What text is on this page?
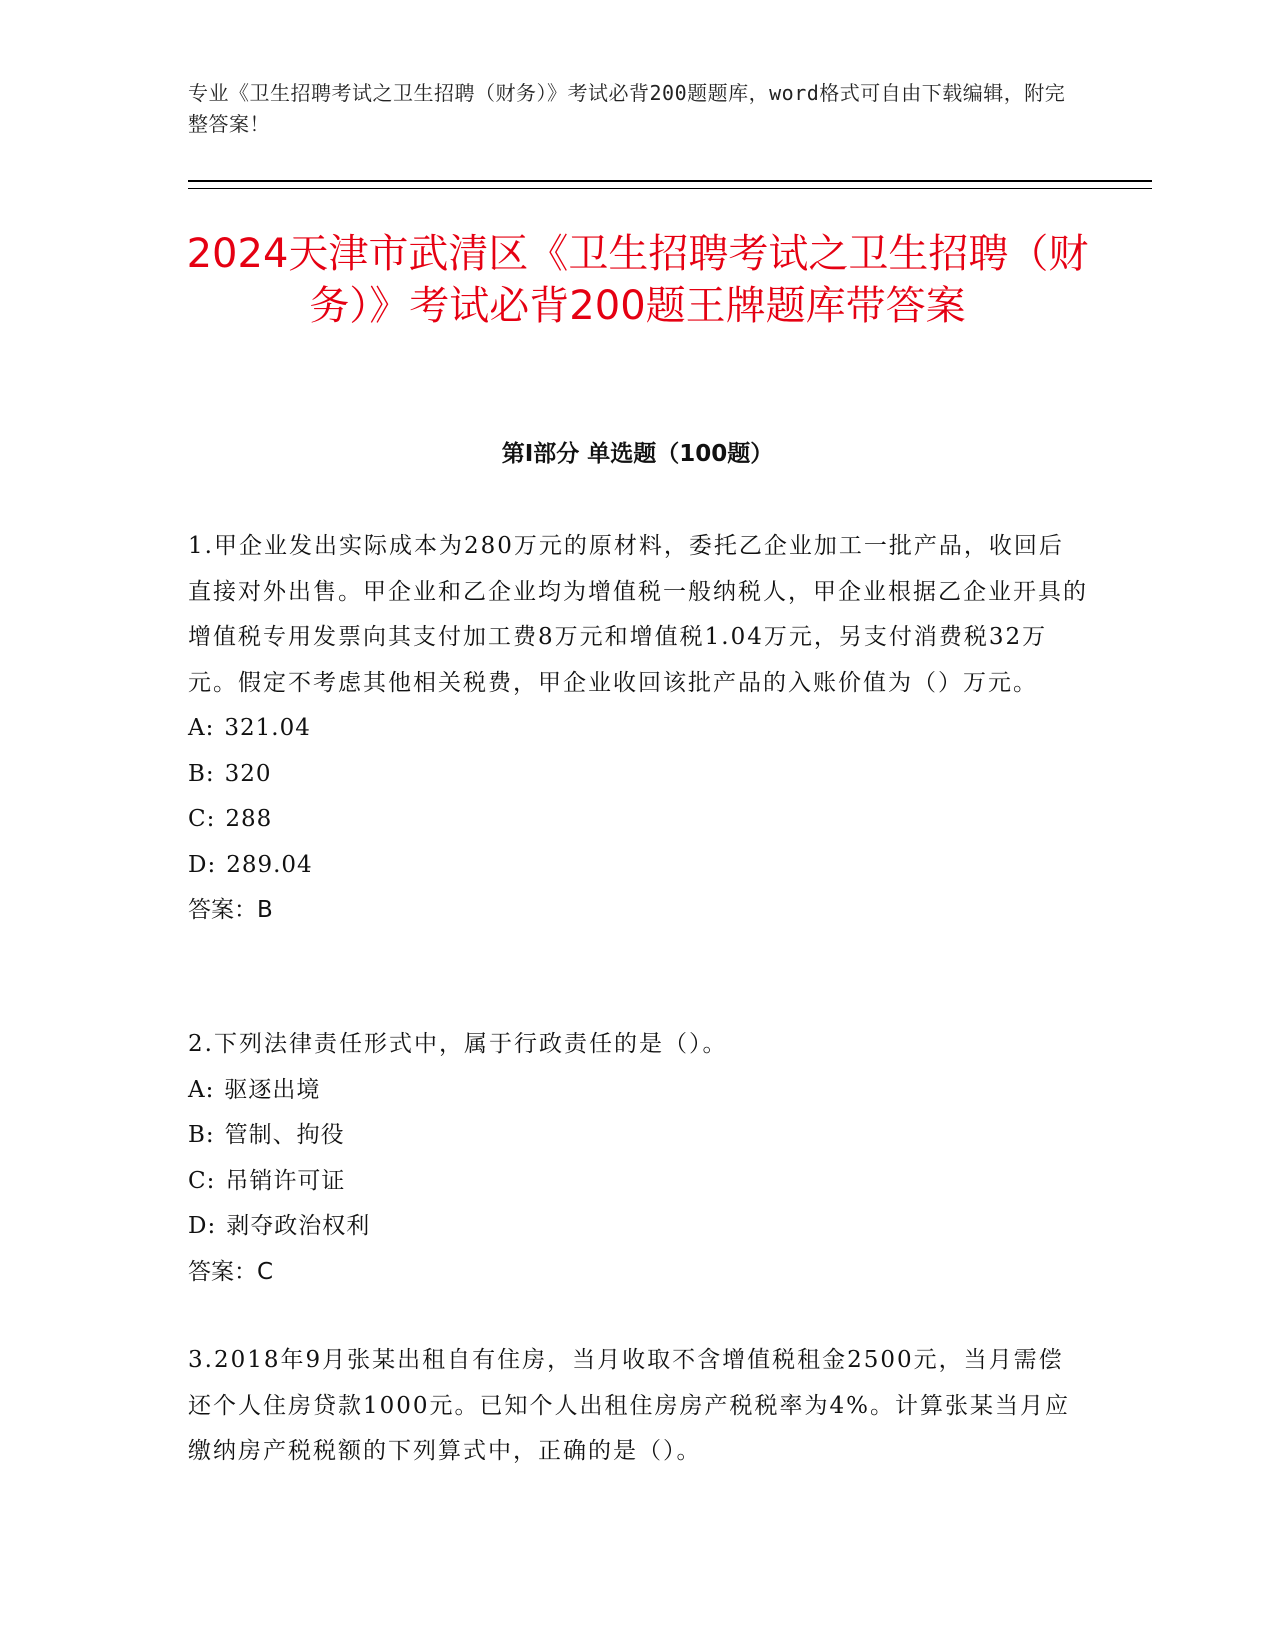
专业《卫生招聘考试之卫生招聘（财务）》考试必背200题题库，word格式可自由下载编辑，附完整答案！
2024天津市武清区《卫生招聘考试之卫生招聘（财务）》考试必背200题王牌题库带答案
第Ⅰ部分 单选题（100题）

1.甲企业发出实际成本为280万元的原材料，委托乙企业加工一批产品，收回后直接对外出售。甲企业和乙企业均为增值税一般纳税人，甲企业根据乙企业开具的增值税专用发票向其支付加工费8万元和增值税1.04万元，另支付消费税32万元。假定不考虑其他相关税费，甲企业收回该批产品的入账价值为（）万元。

A: 321.04

B: 320

C: 288

D: 289.04

答案：B

2.下列法律责任形式中，属于行政责任的是（）。

A: 驱逐出境

B: 管制、拘役

C: 吊销许可证

D: 剥夺政治权利

答案：C

3.2018年9月张某出租自有住房，当月收取不含增值税租金2500元，当月需偿还个人住房贷款1000元。已知个人出租住房房产税税率为4%。计算张某当月应缴纳房产税税额的下列算式中，正确的是（）。
